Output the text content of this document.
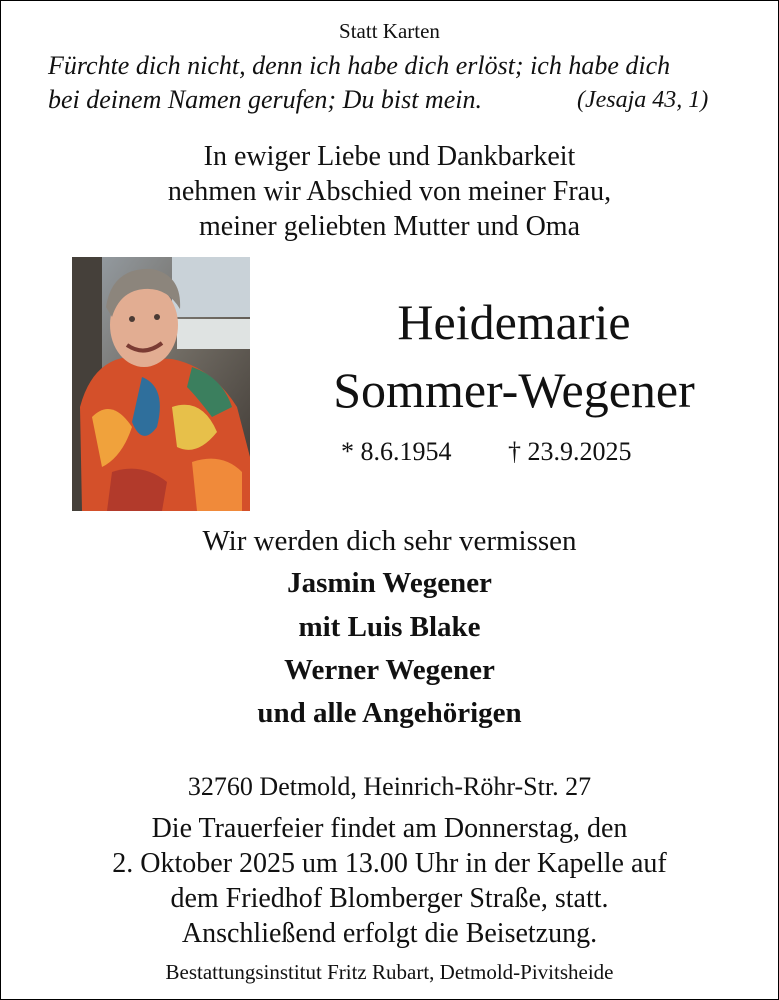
Statt Karten
Fürchte dich nicht, denn ich habe dich erlöst; ich habe dich
bei deinem Namen gerufen; Du bist mein.	(Jesaja 43, 1)
In ewiger Liebe und Dankbarkeit
nehmen wir Abschied von meiner Frau,
meiner geliebten Mutter und Oma
Heidemarie
Sommer-Wegener
* 8.6.1954 † 23.9.2025
Wir werden dich sehr vermissen
Jasmin Wegener
mit Luis Blake
Werner Wegener
und alle Angehörigen
32760 Detmold, Heinrich-Röhr-Str. 27
Die Trauerfeier findet am Donnerstag, den
2. Oktober 2025 um 13.00 Uhr in der Kapelle auf
dem Friedhof Blomberger Straße, statt.
Anschließend erfolgt die Beisetzung.
Bestattungsinstitut Fritz Rubart, Detmold-Pivitsheide
